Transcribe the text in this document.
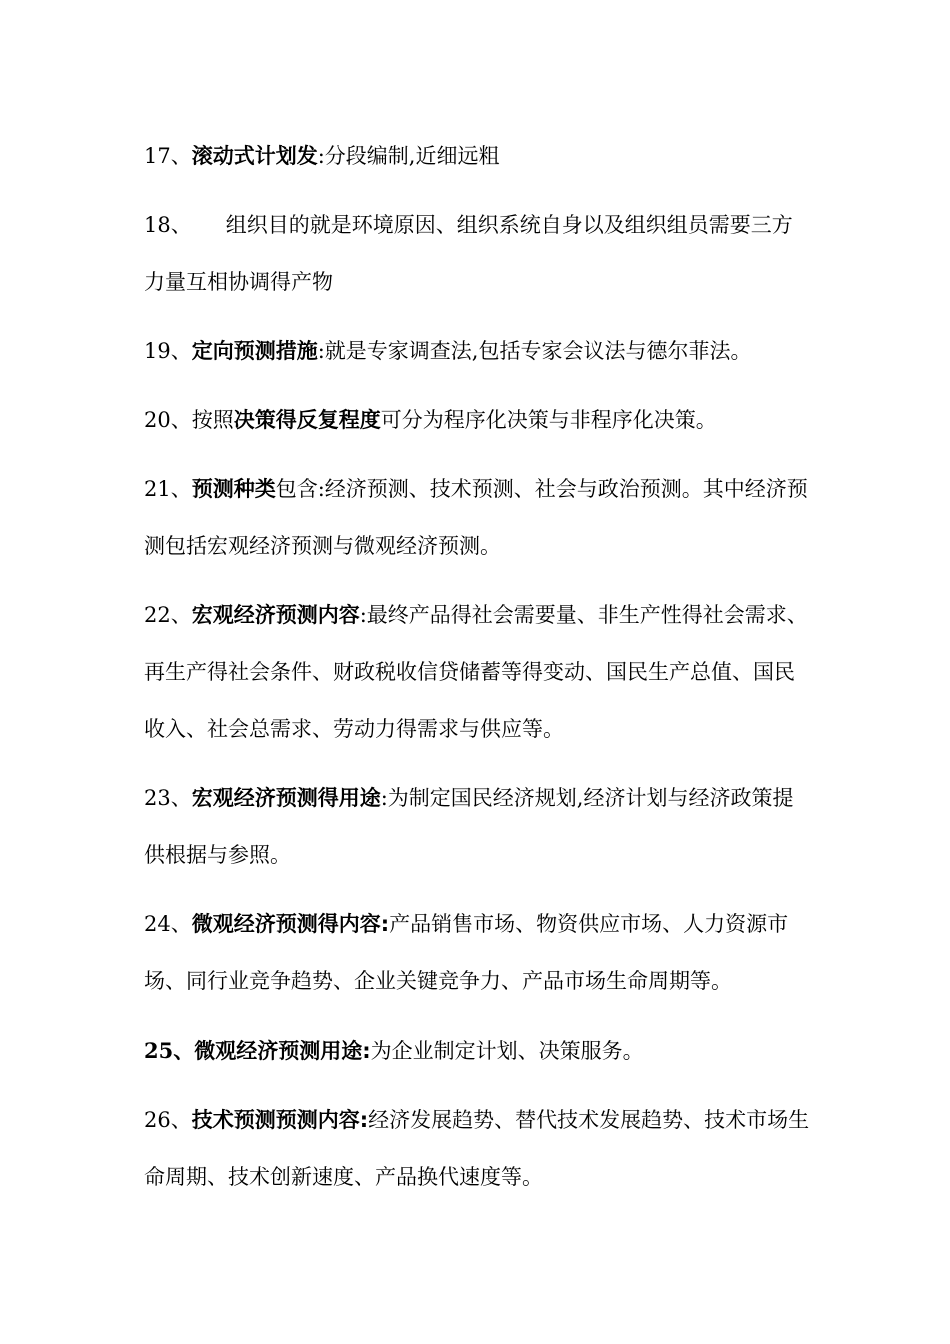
17、滚动式计划发:分段编制,近细远粗

18、 组织目的就是环境原因、组织系统自身以及组织组员需要三方力量互相协调得产物

19、定向预测措施:就是专家调查法,包括专家会议法与德尔菲法。

20、按照决策得反复程度可分为程序化决策与非程序化决策。

21、预测种类包含:经济预测、技术预测、社会与政治预测。其中经济预测包括宏观经济预测与微观经济预测。

22、宏观经济预测内容:最终产品得社会需要量、非生产性得社会需求、再生产得社会条件、财政税收信贷储蓄等得变动、国民生产总值、国民收入、社会总需求、劳动力得需求与供应等。

23、宏观经济预测得用途:为制定国民经济规划,经济计划与经济政策提供根据与参照。

24、微观经济预测得内容:产品销售市场、物资供应市场、人力资源市场、同行业竞争趋势、企业关键竞争力、产品市场生命周期等。

25、微观经济预测用途:为企业制定计划、决策服务。

26、技术预测预测内容:经济发展趋势、替代技术发展趋势、技术市场生命周期、技术创新速度、产品换代速度等。
